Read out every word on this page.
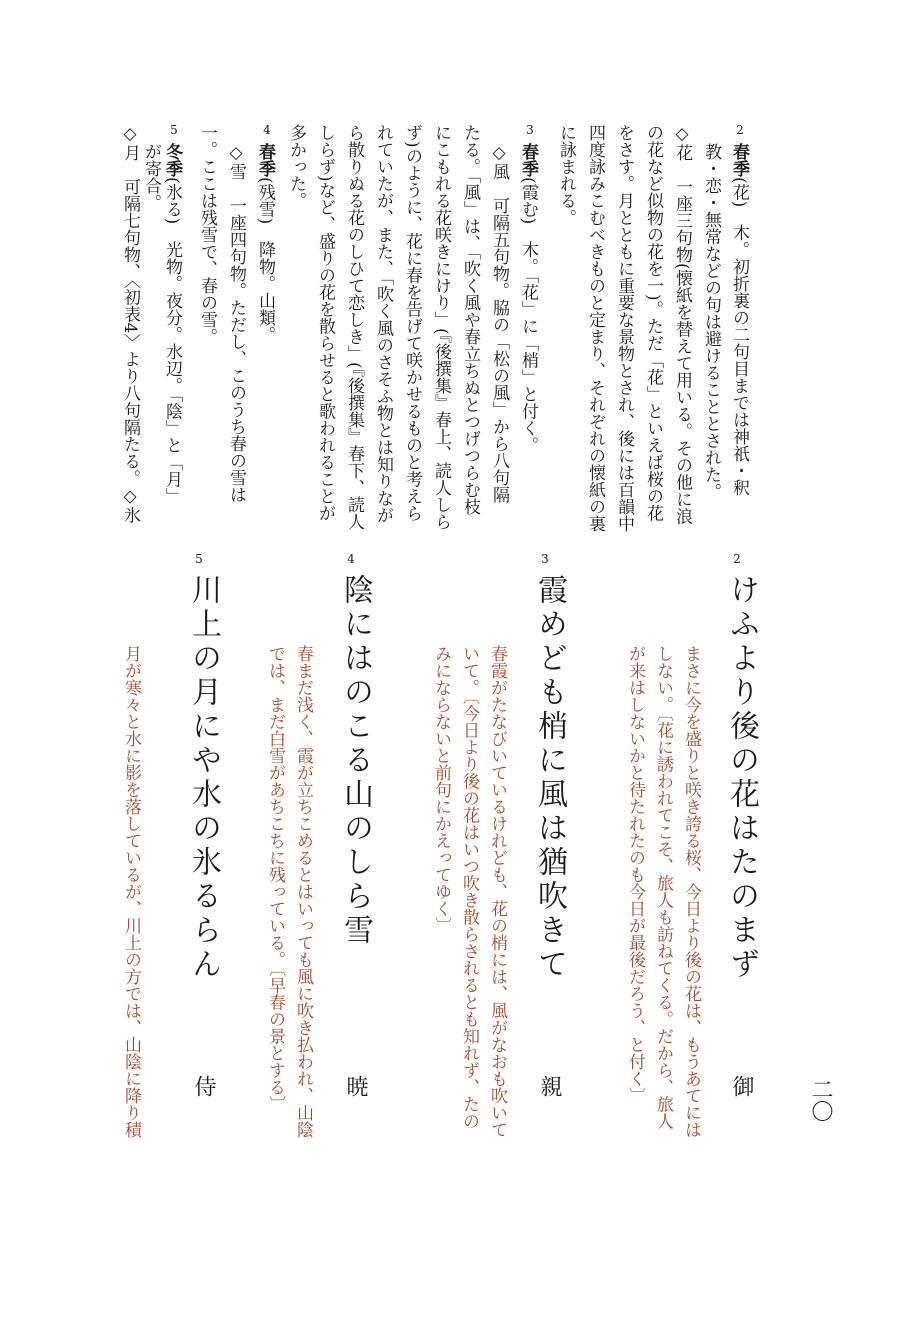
二〇
2
春季(花)　木。初折裏の二句目までは神祇・釈
教・恋・無常などの句は避けることとされた。
◇花　一座三句物(懐紙を替えて用いる。その他に浪
の花など似物の花を一)。ただ「花」といえば桜の花
をさす。月とともに重要な景物とされ、後には百韻中
四度詠みこむべきものと定まり、それぞれの懐紙の裏
に詠まれる。
3
春季(霞む)　木。「花」に「梢」と付く。
◇風　可隔五句物。脇の「松の風」から八句隔
たる。「風」は、「吹く風や春立ちぬとつげつらむ枝
にこもれる花咲きにけり」(『後撰集』春上、読人しら
ず)のように、花に春を告げて咲かせるものと考えら
れていたが、また、「吹く風のさそふ物とは知りなが
ら散りぬる花のしひて恋しき」(『後撰集』春下、読人
しらず)など、盛りの花を散らせると歌われることが
多かった。
4
春季(残雪)　降物。山類。
◇雪　一座四句物。ただし、このうち春の雪は
一。ここは残雪で、春の雪。
5
冬季(氷る)　光物。夜分。水辺。「陰」と「月」
が寄合。
◇月　可隔七句物、〈初表4〉より八句隔たる。◇氷
2
けふより後の花はたのまず
御
まさに今を盛りと咲き誇る桜、今日より後の花は、もうあてには
しない。〔花に誘われてこそ、旅人も訪ねてくる。だから、旅人
が来はしないかと待たれたのも今日が最後だろう、と付く〕
3
霞めども梢に風は猶吹きて
親
春霞がたなびいているけれども、花の梢には、風がなおも吹いて
いて。〔今日より後の花はいつ吹き散らされるとも知れず、たの
みにならないと前句にかえってゆく〕
4
陰にはのこる山のしら雪
暁
春まだ浅く、霞が立ちこめるとはいっても風に吹き払われ、山陰
では、まだ白雪があちこちに残っている。〔早春の景とする〕
5
川上の月にや水の氷るらん
侍
月が寒々と水に影を落しているが、川上の方では、山陰に降り積
